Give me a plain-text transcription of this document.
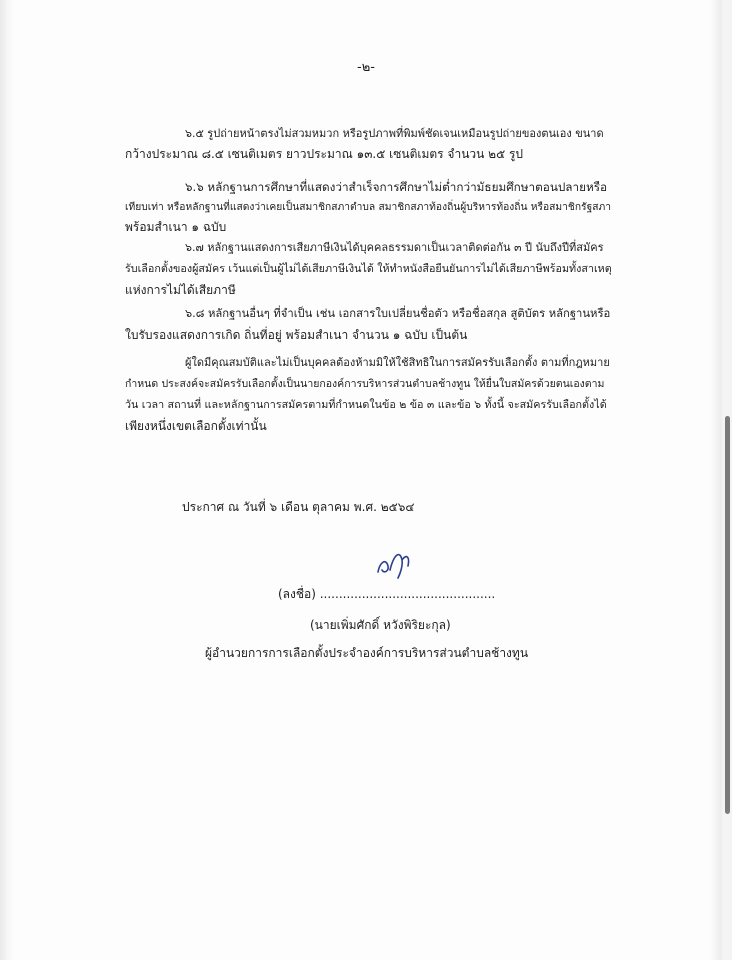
-๒-

๖.๕ รูปถ่ายหน้าตรงไม่สวมหมวก หรือรูปภาพที่พิมพ์ชัดเจนเหมือนรูปถ่ายของตนเอง ขนาด

กว้างประมาณ ๘.๕ เซนติเมตร ยาวประมาณ ๑๓.๕ เซนติเมตร จำนวน ๒๕ รูป

๖.๖ หลักฐานการศึกษาที่แสดงว่าสำเร็จการศึกษาไม่ต่ำกว่ามัธยมศึกษาตอนปลายหรือ

เทียบเท่า หรือหลักฐานที่แสดงว่าเคยเป็นสมาชิกสภาตำบล สมาชิกสภาท้องถิ่นผู้บริหารท้องถิ่น หรือสมาชิกรัฐสภา

พร้อมสำเนา ๑ ฉบับ

๖.๗ หลักฐานแสดงการเสียภาษีเงินได้บุคคลธรรมดาเป็นเวลาติดต่อกัน ๓ ปี นับถึงปีที่สมัคร

รับเลือกตั้งของผู้สมัคร เว้นแต่เป็นผู้ไม่ได้เสียภาษีเงินได้ ให้ทำหนังสือยืนยันการไม่ได้เสียภาษีพร้อมทั้งสาเหตุ

แห่งการไม่ได้เสียภาษี

๖.๘ หลักฐานอื่นๆ ที่จำเป็น เช่น เอกสารใบเปลี่ยนชื่อตัว หรือชื่อสกุล สูติบัตร หลักฐานหรือ

ใบรับรองแสดงการเกิด ถิ่นที่อยู่ พร้อมสำเนา จำนวน ๑ ฉบับ เป็นต้น

ผู้ใดมีคุณสมบัติและไม่เป็นบุคคลต้องห้ามมิให้ใช้สิทธิในการสมัครรับเลือกตั้ง ตามที่กฎหมาย

กำหนด ประสงค์จะสมัครรับเลือกตั้งเป็นนายกองค์การบริหารส่วนตำบลช้างทูน ให้ยื่นใบสมัครด้วยตนเองตาม

วัน เวลา สถานที่ และหลักฐานการสมัครตามที่กำหนดในข้อ ๒ ข้อ ๓ และข้อ ๖ ทั้งนี้ จะสมัครรับเลือกตั้งได้

เพียงหนึ่งเขตเลือกตั้งเท่านั้น

ประกาศ ณ วันที่ ๖ เดือน ตุลาคม พ.ศ. ๒๕๖๔

(ลงชื่อ) ..............................................

(นายเพิ่มศักดิ์ หวังพิริยะกุล)

ผู้อำนวยการการเลือกตั้งประจำองค์การบริหารส่วนตำบลช้างทูน
